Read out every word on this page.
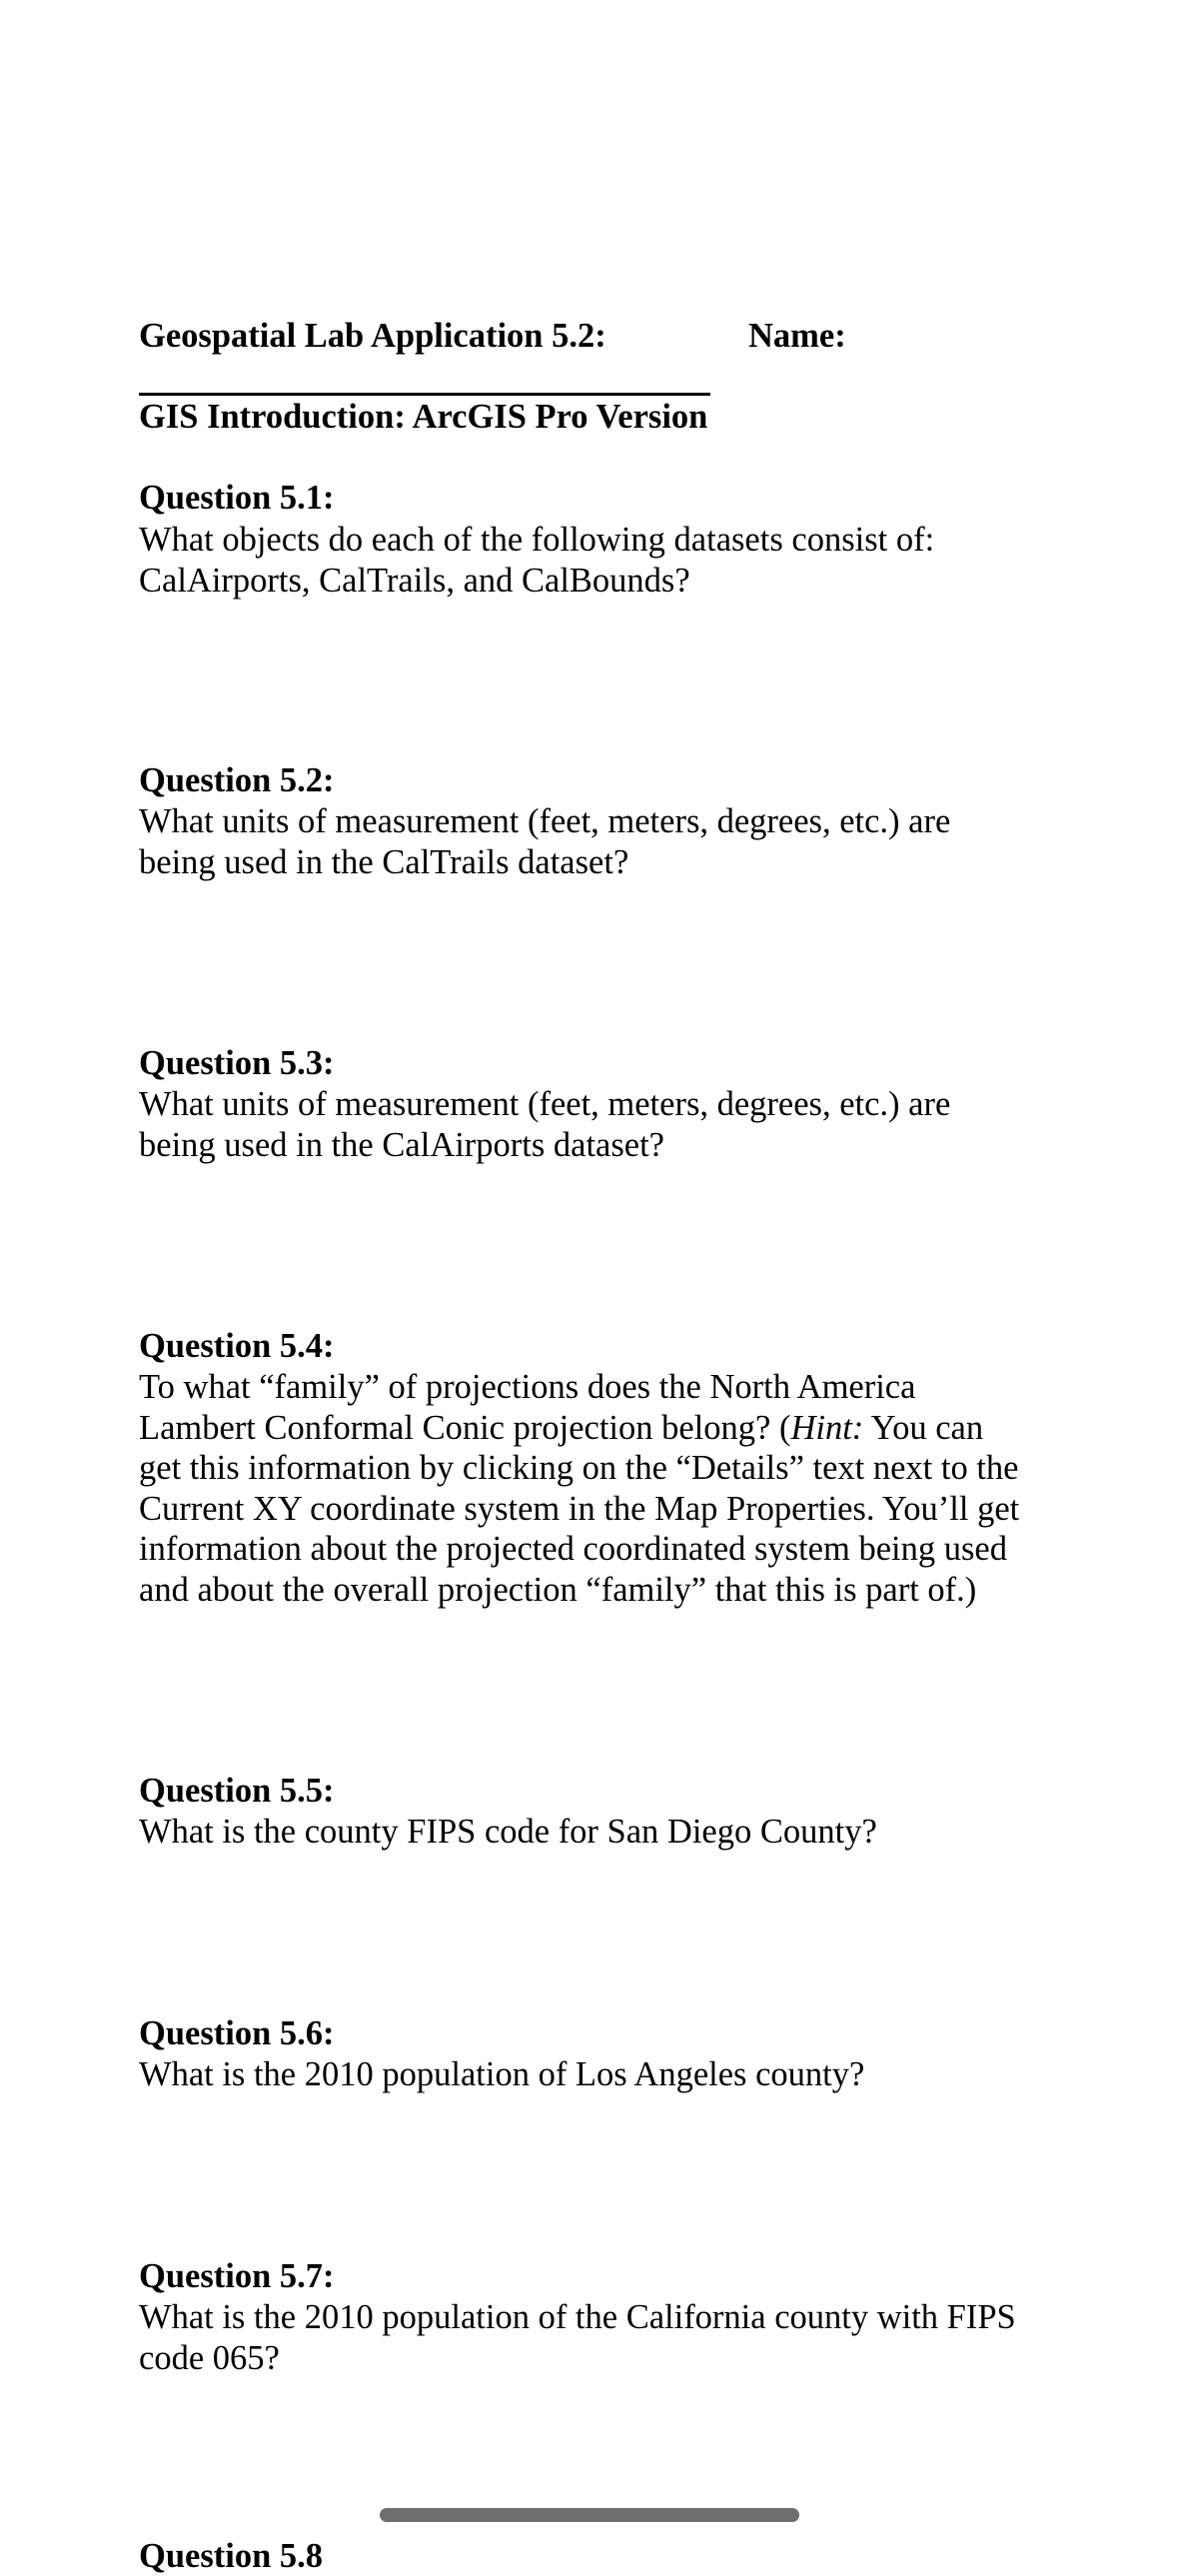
Geospatial Lab Application 5.2:	Name:
GIS Introduction: ArcGIS Pro Version
Question 5.1:
What objects do each of the following datasets consist of:
CalAirports, CalTrails, and CalBounds?
Question 5.2:
What units of measurement (feet, meters, degrees, etc.) are
being used in the CalTrails dataset?
Question 5.3:
What units of measurement (feet, meters, degrees, etc.) are
being used in the CalAirports dataset?
Question 5.4:
To what “family” of projections does the North America
Lambert Conformal Conic projection belong? (Hint: You can
get this information by clicking on the “Details” text next to the
Current XY coordinate system in the Map Properties. You’ll get
information about the projected coordinated system being used
and about the overall projection “family” that this is part of.)
Question 5.5:
What is the county FIPS code for San Diego County?
Question 5.6:
What is the 2010 population of Los Angeles county?
Question 5.7:
What is the 2010 population of the California county with FIPS
code 065?
Question 5.8
